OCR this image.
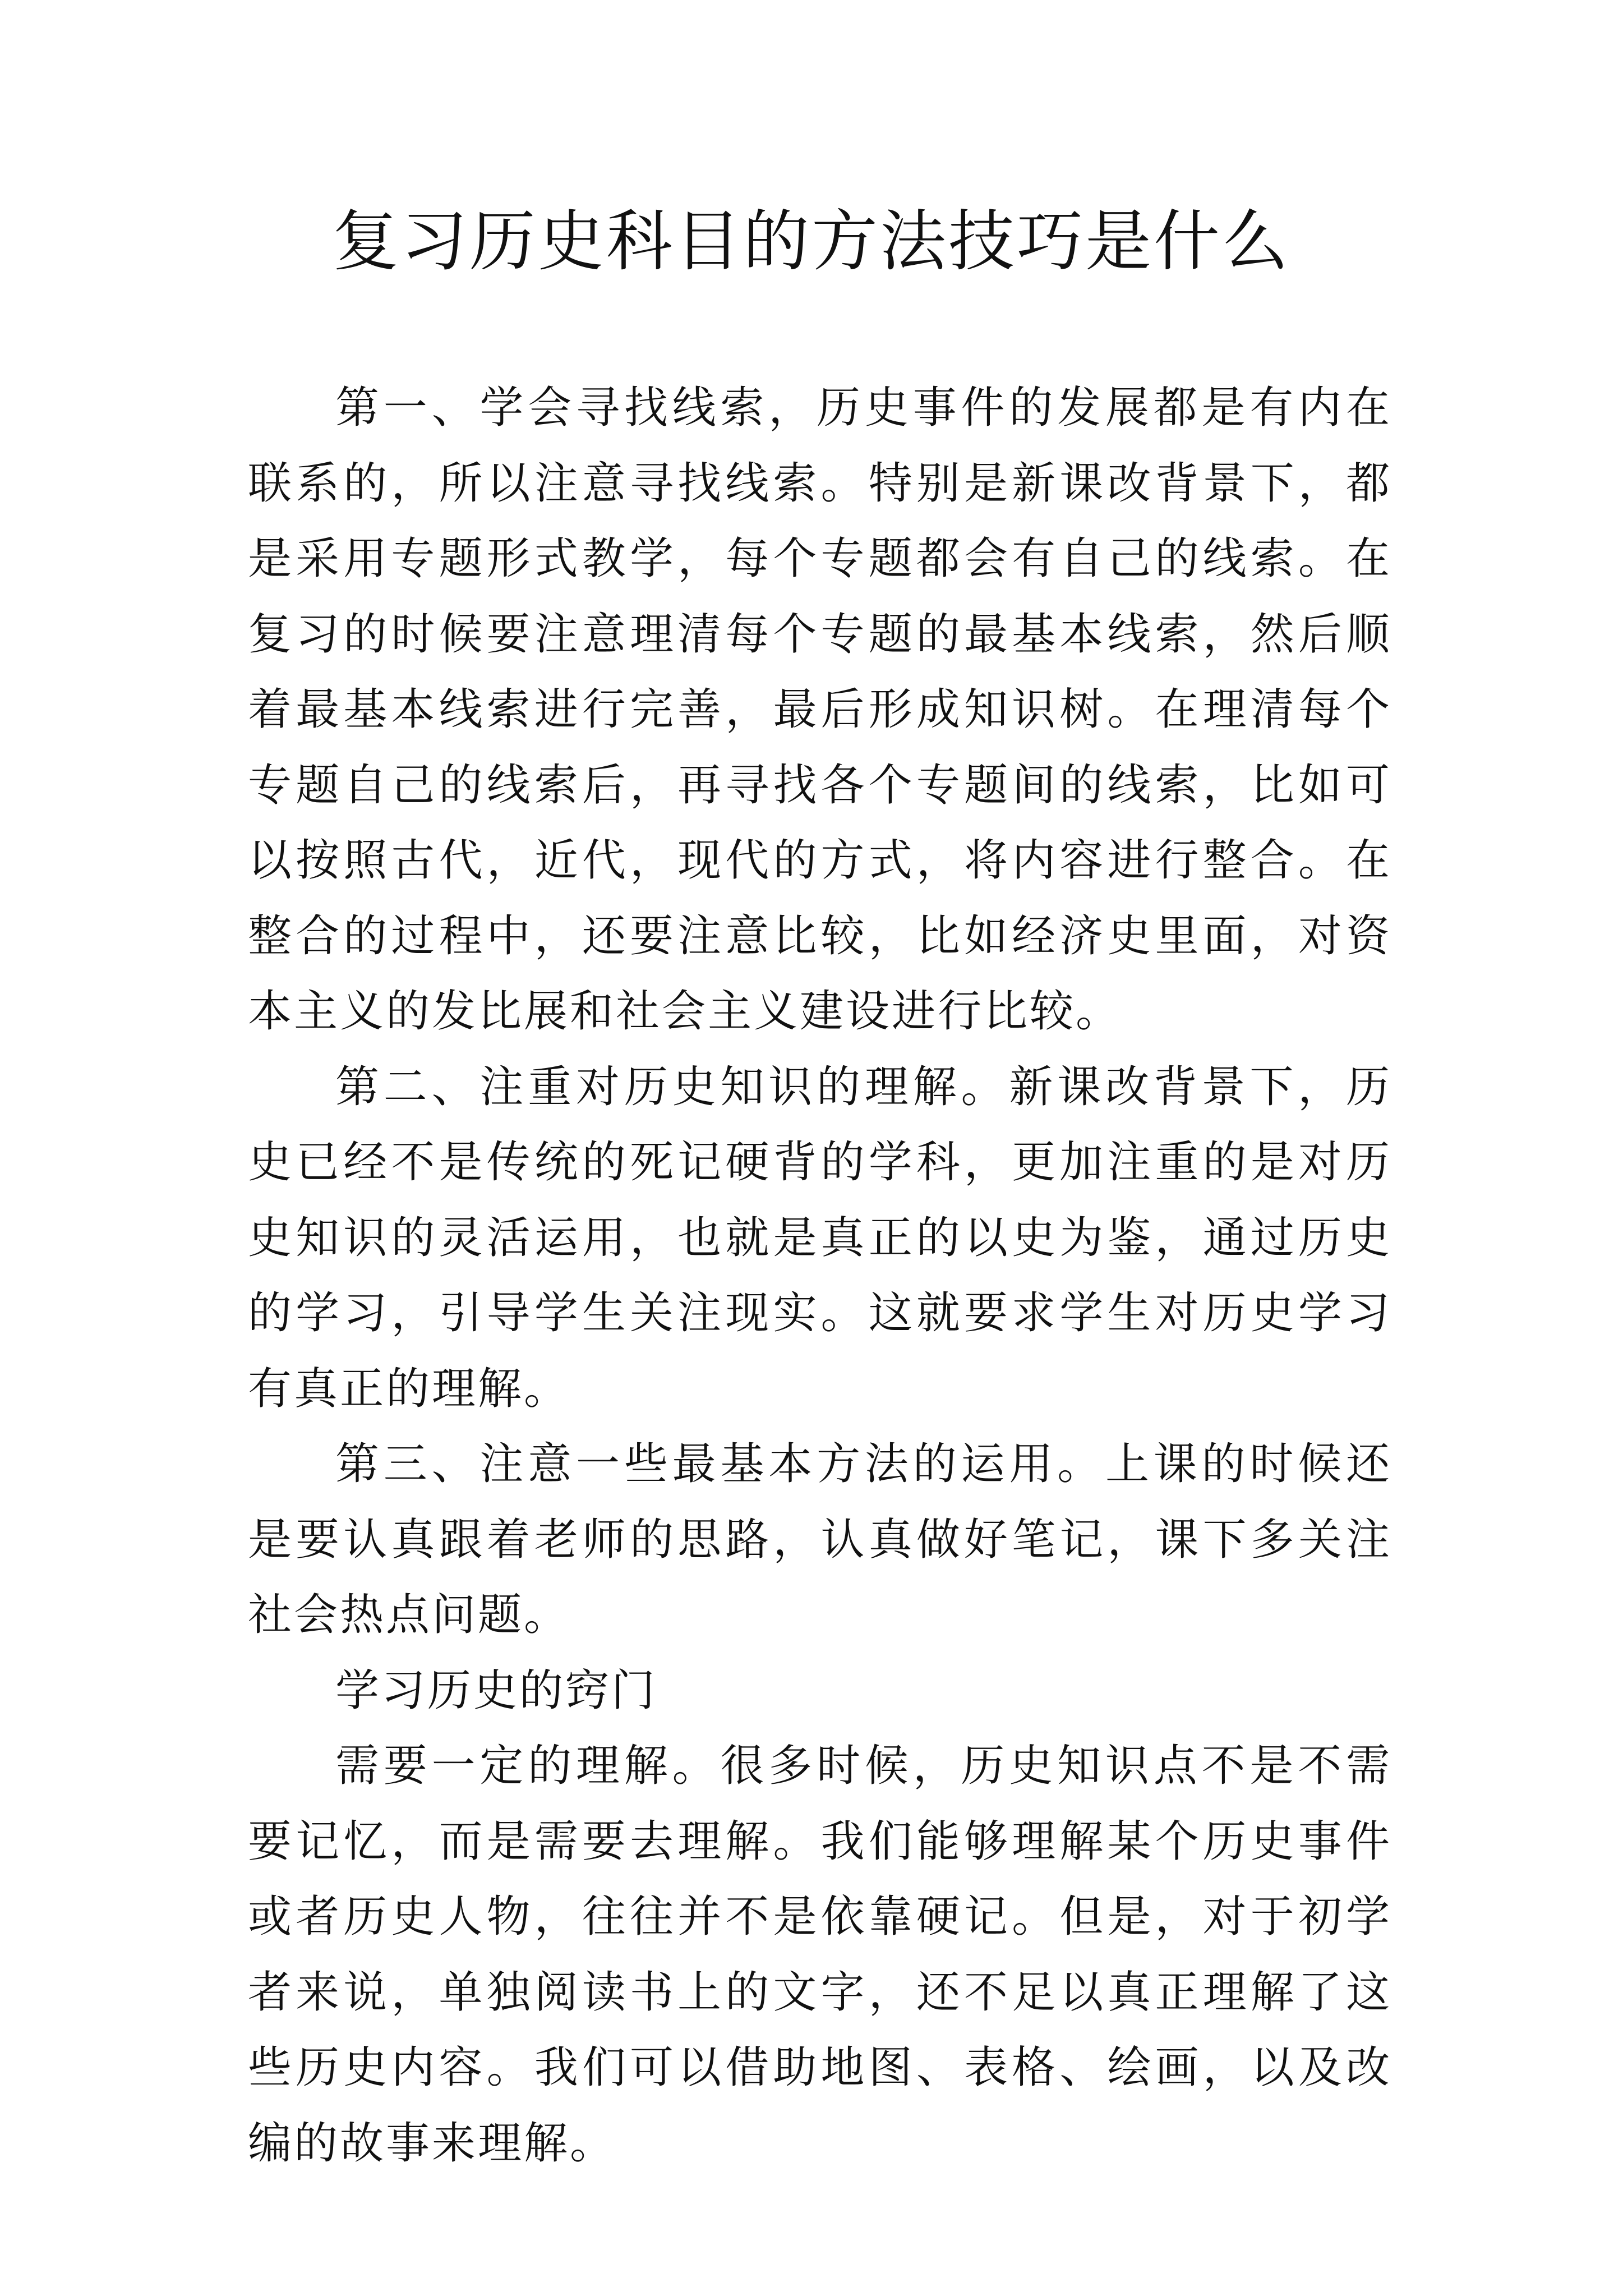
复习历史科目的方法技巧是什么

第一、学会寻找线索，历史事件的发展都是有内在联系的，所以注意寻找线索。特别是新课改背景下，都是采用专题形式教学，每个专题都会有自己的线索。在复习的时候要注意理清每个专题的最基本线索，然后顺着最基本线索进行完善，最后形成知识树。在理清每个专题自己的线索后，再寻找各个专题间的线索，比如可以按照古代，近代，现代的方式，将内容进行整合。在整合的过程中，还要注意比较，比如经济史里面，对资本主义的发比展和社会主义建设进行比较。

第二、注重对历史知识的理解。新课改背景下，历史已经不是传统的死记硬背的学科，更加注重的是对历史知识的灵活运用，也就是真正的以史为鉴，通过历史的学习，引导学生关注现实。这就要求学生对历史学习有真正的理解。

第三、注意一些最基本方法的运用。上课的时候还是要认真跟着老师的思路，认真做好笔记，课下多关注社会热点问题。

学习历史的窍门

需要一定的理解。很多时候，历史知识点不是不需要记忆，而是需要去理解。我们能够理解某个历史事件或者历史人物，往往并不是依靠硬记。但是，对于初学者来说，单独阅读书上的文字，还不足以真正理解了这些历史内容。我们可以借助地图、表格、绘画，以及改编的故事来理解。
